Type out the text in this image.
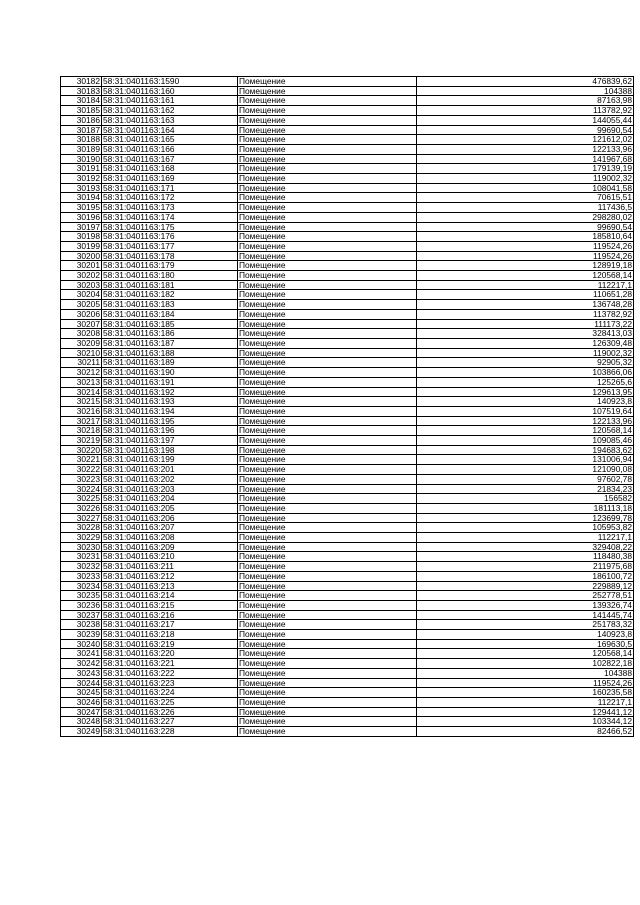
30182	58:31:0401163:1590	Помещение	476839,62
30183	58:31:0401163:160	Помещение	104388
30184	58:31:0401163:161	Помещение	87163,98
30185	58:31:0401163:162	Помещение	113782,92
30186	58:31:0401163:163	Помещение	144055,44
30187	58:31:0401163:164	Помещение	99690,54
30188	58:31:0401163:165	Помещение	121612,02
30189	58:31:0401163:166	Помещение	122133,96
30190	58:31:0401163:167	Помещение	141967,68
30191	58:31:0401163:168	Помещение	179139,19
30192	58:31:0401163:169	Помещение	119002,32
30193	58:31:0401163:171	Помещение	108041,58
30194	58:31:0401163:172	Помещение	70615,51
30195	58:31:0401163:173	Помещение	117436,5
30196	58:31:0401163:174	Помещение	298280,02
30197	58:31:0401163:175	Помещение	99690,54
30198	58:31:0401163:176	Помещение	185810,64
30199	58:31:0401163:177	Помещение	119524,26
30200	58:31:0401163:178	Помещение	119524,26
30201	58:31:0401163:179	Помещение	128919,18
30202	58:31:0401163:180	Помещение	120568,14
30203	58:31:0401163:181	Помещение	112217,1
30204	58:31:0401163:182	Помещение	110651,28
30205	58:31:0401163:183	Помещение	136748,28
30206	58:31:0401163:184	Помещение	113782,92
30207	58:31:0401163:185	Помещение	111173,22
30208	58:31:0401163:186	Помещение	328413,03
30209	58:31:0401163:187	Помещение	126309,48
30210	58:31:0401163:188	Помещение	119002,32
30211	58:31:0401163:189	Помещение	92905,32
30212	58:31:0401163:190	Помещение	103866,06
30213	58:31:0401163:191	Помещение	125265,6
30214	58:31:0401163:192	Помещение	129613,95
30215	58:31:0401163:193	Помещение	140923,8
30216	58:31:0401163:194	Помещение	107519,64
30217	58:31:0401163:195	Помещение	122133,96
30218	58:31:0401163:196	Помещение	120568,14
30219	58:31:0401163:197	Помещение	109085,46
30220	58:31:0401163:198	Помещение	194683,62
30221	58:31:0401163:199	Помещение	131006,94
30222	58:31:0401163:201	Помещение	121090,08
30223	58:31:0401163:202	Помещение	97602,78
30224	58:31:0401163:203	Помещение	21834,23
30225	58:31:0401163:204	Помещение	156582
30226	58:31:0401163:205	Помещение	181113,18
30227	58:31:0401163:206	Помещение	123699,78
30228	58:31:0401163:207	Помещение	105953,82
30229	58:31:0401163:208	Помещение	112217,1
30230	58:31:0401163:209	Помещение	329408,22
30231	58:31:0401163:210	Помещение	118480,38
30232	58:31:0401163:211	Помещение	211975,68
30233	58:31:0401163:212	Помещение	186100,72
30234	58:31:0401163:213	Помещение	229889,12
30235	58:31:0401163:214	Помещение	252778,51
30236	58:31:0401163:215	Помещение	139326,74
30237	58:31:0401163:216	Помещение	141445,74
30238	58:31:0401163:217	Помещение	251783,32
30239	58:31:0401163:218	Помещение	140923,8
30240	58:31:0401163:219	Помещение	169630,5
30241	58:31:0401163:220	Помещение	120568,14
30242	58:31:0401163:221	Помещение	102822,18
30243	58:31:0401163:222	Помещение	104388
30244	58:31:0401163:223	Помещение	119524,26
30245	58:31:0401163:224	Помещение	160235,58
30246	58:31:0401163:225	Помещение	112217,1
30247	58:31:0401163:226	Помещение	129441,12
30248	58:31:0401163:227	Помещение	103344,12
30249	58:31:0401163:228	Помещение	82466,52
